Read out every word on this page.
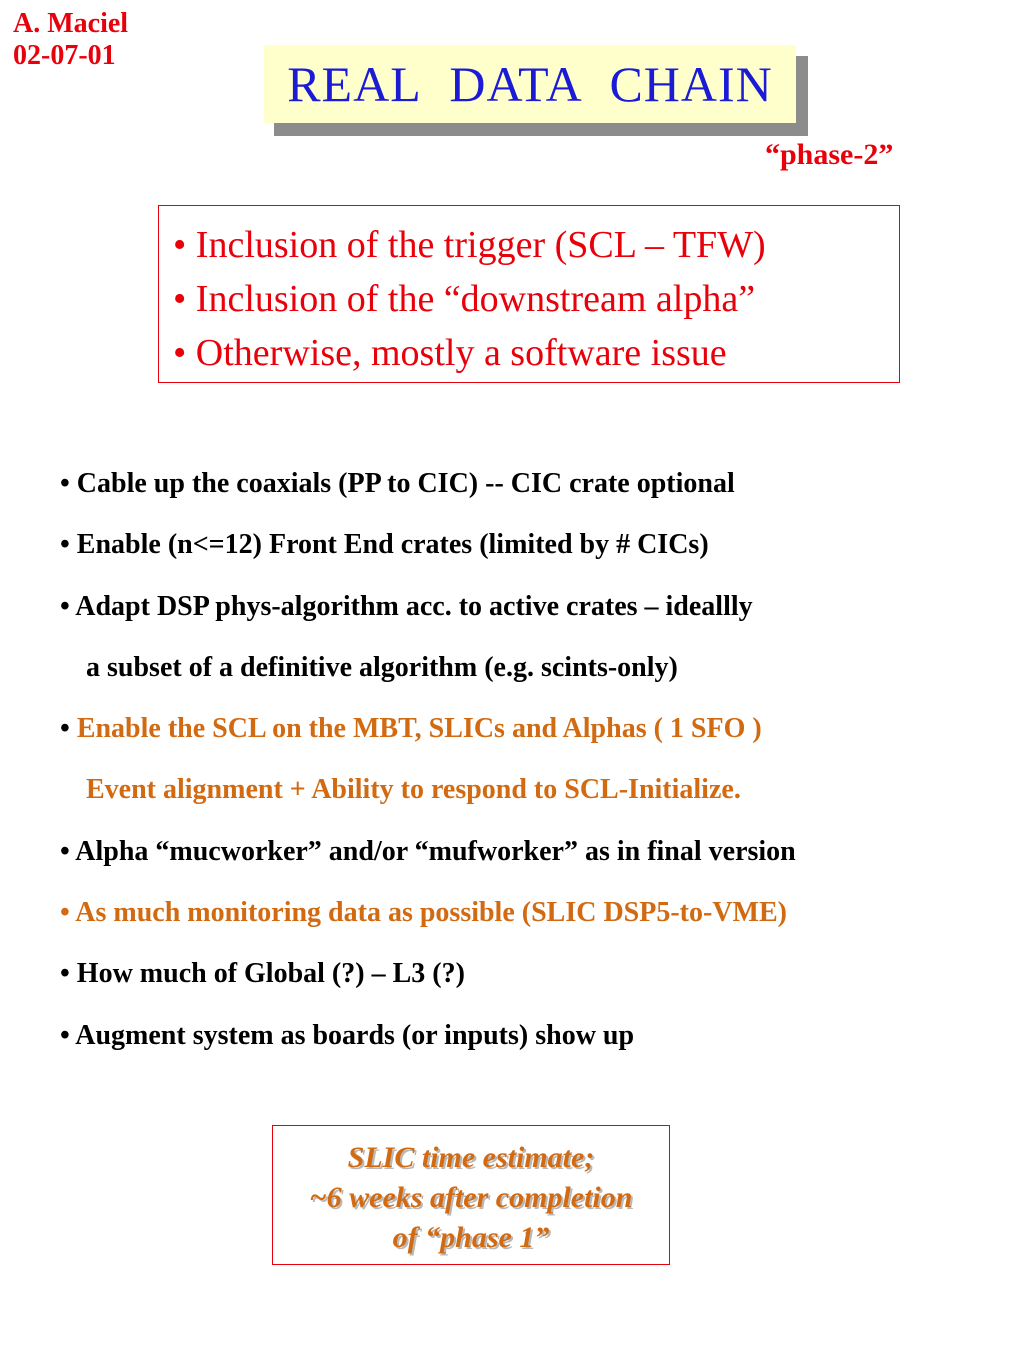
A. Maciel
02-07-01
REAL DATA CHAIN
“phase-2”
• Inclusion of the trigger (SCL – TFW)
• Inclusion of the “downstream alpha”
• Otherwise, mostly a software issue
• Cable up the coaxials (PP to CIC) -- CIC crate optional
• Enable (n<=12) Front End crates (limited by # CICs)
• Adapt DSP phys-algorithm acc. to active crates – ideallly
a subset of a definitive algorithm (e.g. scints-only)
• Enable the SCL on the MBT, SLICs and Alphas ( 1 SFO )
Event alignment + Ability to respond to SCL-Initialize.
• Alpha “mucworker” and/or “mufworker” as in final version
• As much monitoring data as possible (SLIC DSP5-to-VME)
• How much of Global (?) – L3 (?)
• Augment system as boards (or inputs) show up
SLIC time estimate;
~6 weeks after completion
of “phase 1”
